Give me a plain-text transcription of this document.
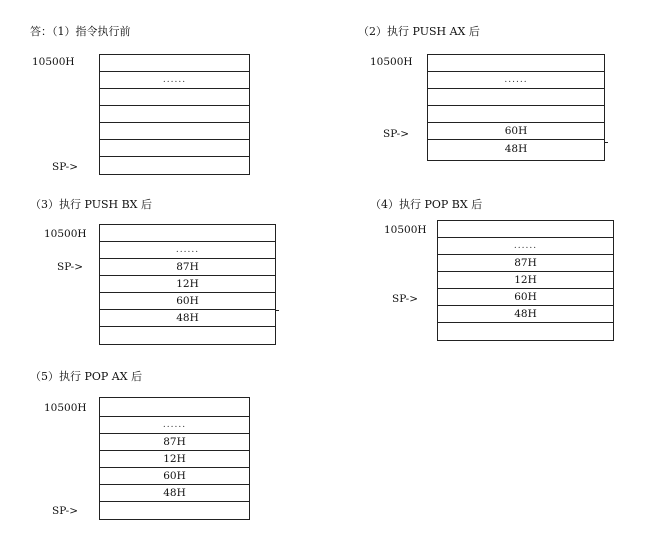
答：（1）指令执行前	（2）执行 PUSH AX 后
（3）执行 PUSH BX 后	（4）执行 POP BX 后
（5）执行 POP AX 后
10500H
......
SP->
10500H
......
60H
48H
SP->
10500H
......
87H
12H
60H
48H
SP->
10500H
......
87H
12H
60H
48H
SP->
10500H
......
87H
12H
60H
48H
SP->
